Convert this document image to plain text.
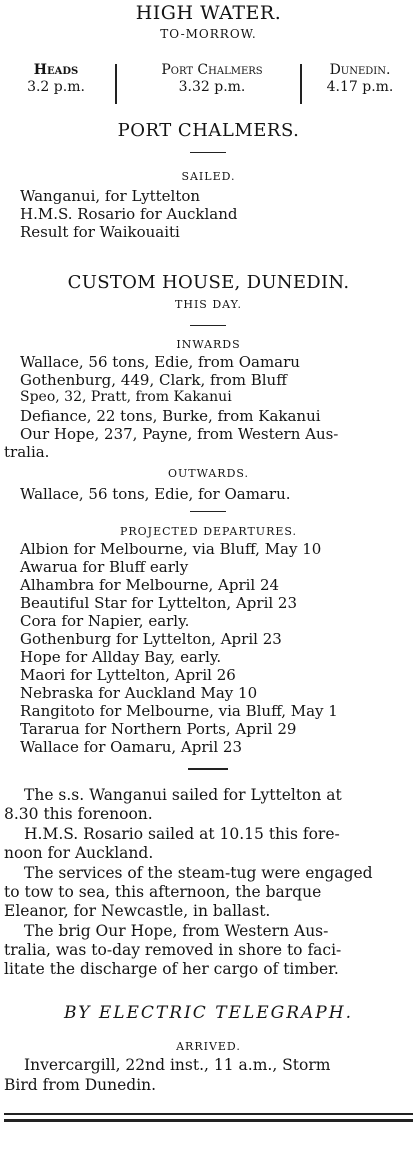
HIGH WATER.
TO-MORROW.
Heads
3.2 p.m.
Port Chalmers
3.32 p.m.
Dunedin.
4.17 p.m.
PORT CHALMERS.
SAILED.
Wanganui, for Lyttelton
H.M.S. Rosario for Auckland
Result for Waikouaiti
CUSTOM HOUSE, DUNEDIN.
THIS DAY.
INWARDS
Wallace, 56 tons, Edie, from Oamaru
Gothenburg, 449, Clark, from Bluff
Speo, 32, Pratt, from Kakanui
Defiance, 22 tons, Burke, from Kakanui
Our Hope, 237, Payne, from Western Aus-
tralia.
OUTWARDS.
Wallace, 56 tons, Edie, for Oamaru.
PROJECTED DEPARTURES.
Albion for Melbourne, via Bluff, May 10
Awarua for Bluff early
Alhambra for Melbourne, April 24
Beautiful Star for Lyttelton, April 23
Cora for Napier, early.
Gothenburg for Lyttelton, April 23
Hope for Allday Bay, early.
Maori for Lyttelton, April 26
Nebraska for Auckland May 10
Rangitoto for Melbourne, via Bluff, May 1
Tararua for Northern Ports, April 29
Wallace for Oamaru, April 23
The s.s. Wanganui sailed for Lyttelton at
8.30 this forenoon.
H.M.S. Rosario sailed at 10.15 this fore-
noon for Auckland.
The services of the steam-tug were engaged
to tow to sea, this afternoon, the barque
Eleanor, for Newcastle, in ballast.
The brig Our Hope, from Western Aus-
tralia, was to-day removed in shore to faci-
litate the discharge of her cargo of timber.
BY ELECTRIC TELEGRAPH.
ARRIVED.
Invercargill, 22nd inst., 11 a.m., Storm
Bird from Dunedin.
